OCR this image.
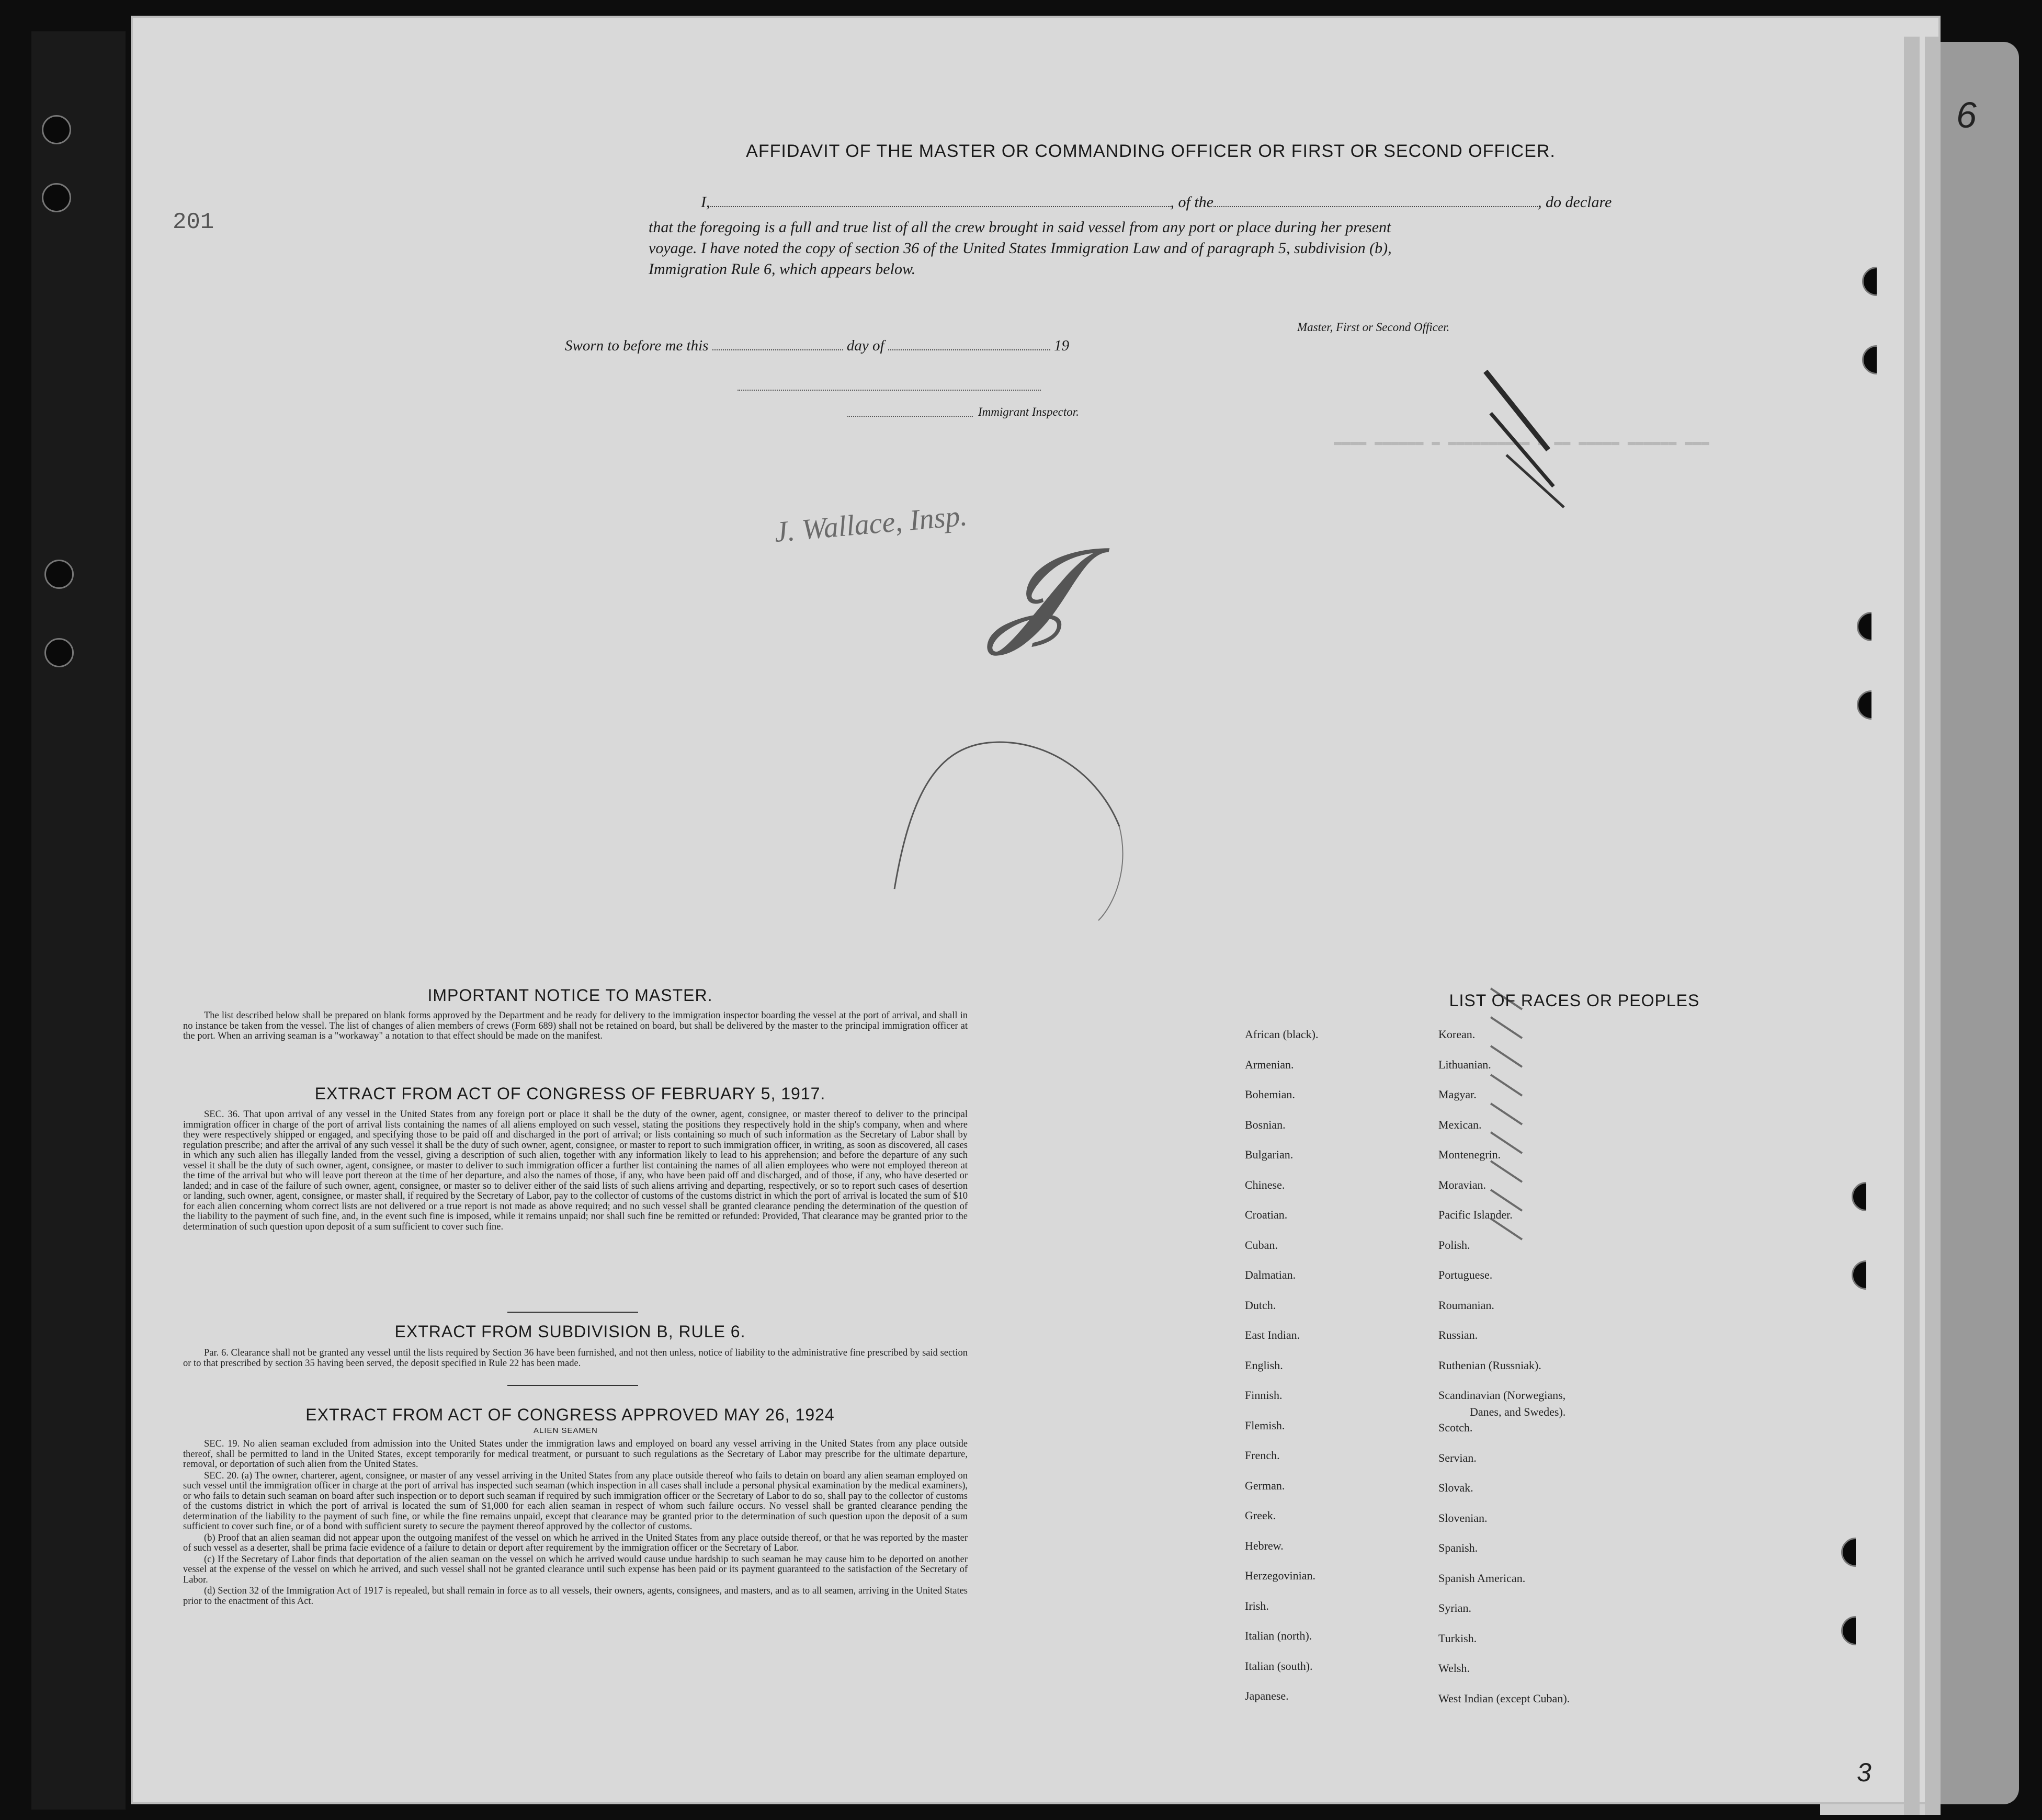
201
6
3
AFFIDAVIT OF THE MASTER OR COMMANDING OFFICER OR FIRST OR SECOND OFFICER.
I,	, of the	, do declare
that the foregoing is a full and true list of all the crew brought in said vessel from any port or place during her present
voyage. I have noted the copy of section 36 of the United States Immigration Law and of paragraph 5, subdivision (b),
Immigration Rule 6, which appears below.
Master, First or Second Officer.
Sworn to before me this	day of	19
Immigrant Inspector.
▬▬▬▬ ▬▬▬▬▬▬ ▬ ▬▬▬▬▬▬▬▬▬▬ ▬ ▬▬ ▬▬▬▬▬ ▬▬▬▬▬▬ ▬▬▬
J. Wallace, Insp.
𝓙
IMPORTANT NOTICE TO MASTER.

The list described below shall be prepared on blank forms approved by the Department and be ready for delivery to the immigration inspector boarding the vessel at the port of arrival, and shall in no instance be taken from the vessel. The list of changes of alien members of crews (Form 689) shall not be retained on board, but shall be delivered by the master to the principal immigration officer at the port. When an arriving seaman is a "workaway" a notation to that effect should be made on the manifest.

EXTRACT FROM ACT OF CONGRESS OF FEBRUARY 5, 1917.

SEC. 36. That upon arrival of any vessel in the United States from any foreign port or place it shall be the duty of the owner, agent, consignee, or master thereof to deliver to the principal immigration officer in charge of the port of arrival lists containing the names of all aliens employed on such vessel, stating the positions they respectively hold in the ship's company, when and where they were respectively shipped or engaged, and specifying those to be paid off and discharged in the port of arrival; or lists containing so much of such information as the Secretary of Labor shall by regulation prescribe; and after the arrival of any such vessel it shall be the duty of such owner, agent, consignee, or master to report to such immigration officer, in writing, as soon as discovered, all cases in which any such alien has illegally landed from the vessel, giving a description of such alien, together with any information likely to lead to his apprehension; and before the departure of any such vessel it shall be the duty of such owner, agent, consignee, or master to deliver to such immigration officer a further list containing the names of all alien employees who were not employed thereon at the time of the arrival but who will leave port thereon at the time of her departure, and also the names of those, if any, who have been paid off and discharged, and of those, if any, who have deserted or landed; and in case of the failure of such owner, agent, consignee, or master so to deliver either of the said lists of such aliens arriving and departing, respectively, or so to report such cases of desertion or landing, such owner, agent, consignee, or master shall, if required by the Secretary of Labor, pay to the collector of customs of the customs district in which the port of arrival is located the sum of $10 for each alien concerning whom correct lists are not delivered or a true report is not made as above required; and no such vessel shall be granted clearance pending the determination of the question of the liability to the payment of such fine, and, in the event such fine is imposed, while it remains unpaid; nor shall such fine be remitted or refunded: Provided, That clearance may be granted prior to the determination of such question upon deposit of a sum sufficient to cover such fine.

EXTRACT FROM SUBDIVISION B, RULE 6.

Par. 6. Clearance shall not be granted any vessel until the lists required by Section 36 have been furnished, and not then unless, notice of liability to the administrative fine prescribed by said section or to that prescribed by section 35 having been served, the deposit specified in Rule 22 has been made.

EXTRACT FROM ACT OF CONGRESS APPROVED MAY 26, 1924
ALIEN SEAMEN

SEC. 19. No alien seaman excluded from admission into the United States under the immigration laws and employed on board any vessel arriving in the United States from any place outside thereof, shall be permitted to land in the United States, except temporarily for medical treatment, or pursuant to such regulations as the Secretary of Labor may prescribe for the ultimate departure, removal, or deportation of such alien from the United States.

SEC. 20. (a) The owner, charterer, agent, consignee, or master of any vessel arriving in the United States from any place outside thereof who fails to detain on board any alien seaman employed on such vessel until the immigration officer in charge at the port of arrival has inspected such seaman (which inspection in all cases shall include a personal physical examination by the medical examiners), or who fails to detain such seaman on board after such inspection or to deport such seaman if required by such immigration officer or the Secretary of Labor to do so, shall pay to the collector of customs of the customs district in which the port of arrival is located the sum of $1,000 for each alien seaman in respect of whom such failure occurs. No vessel shall be granted clearance pending the determination of the liability to the payment of such fine, or while the fine remains unpaid, except that clearance may be granted prior to the determination of such question upon the deposit of a sum sufficient to cover such fine, or of a bond with sufficient surety to secure the payment thereof approved by the collector of customs.

(b) Proof that an alien seaman did not appear upon the outgoing manifest of the vessel on which he arrived in the United States from any place outside thereof, or that he was reported by the master of such vessel as a deserter, shall be prima facie evidence of a failure to detain or deport after requirement by the immigration officer or the Secretary of Labor.

(c) If the Secretary of Labor finds that deportation of the alien seaman on the vessel on which he arrived would cause undue hardship to such seaman he may cause him to be deported on another vessel at the expense of the vessel on which he arrived, and such vessel shall not be granted clearance until such expense has been paid or its payment guaranteed to the satisfaction of the Secretary of Labor.

(d) Section 32 of the Immigration Act of 1917 is repealed, but shall remain in force as to all vessels, their owners, agents, consignees, and masters, and as to all seamen, arriving in the United States prior to the enactment of this Act.

LIST OF RACES OR PEOPLES
African (black).
Armenian.
Bohemian.
Bosnian.
Bulgarian.
Chinese.
Croatian.
Cuban.
Dalmatian.
Dutch.
East Indian.
English.
Finnish.
Flemish.
French.
German.
Greek.
Hebrew.
Herzegovinian.
Irish.
Italian (north).
Italian (south).
Japanese.
Korean.
Lithuanian.
Magyar.
Mexican.
Montenegrin.
Moravian.
Pacific Islander.
Polish.
Portuguese.
Roumanian.
Russian.
Ruthenian (Russniak).
Scandinavian (Norwegians,
Danes, and Swedes).
Scotch.
Servian.
Slovak.
Slovenian.
Spanish.
Spanish American.
Syrian.
Turkish.
Welsh.
West Indian (except Cuban).
